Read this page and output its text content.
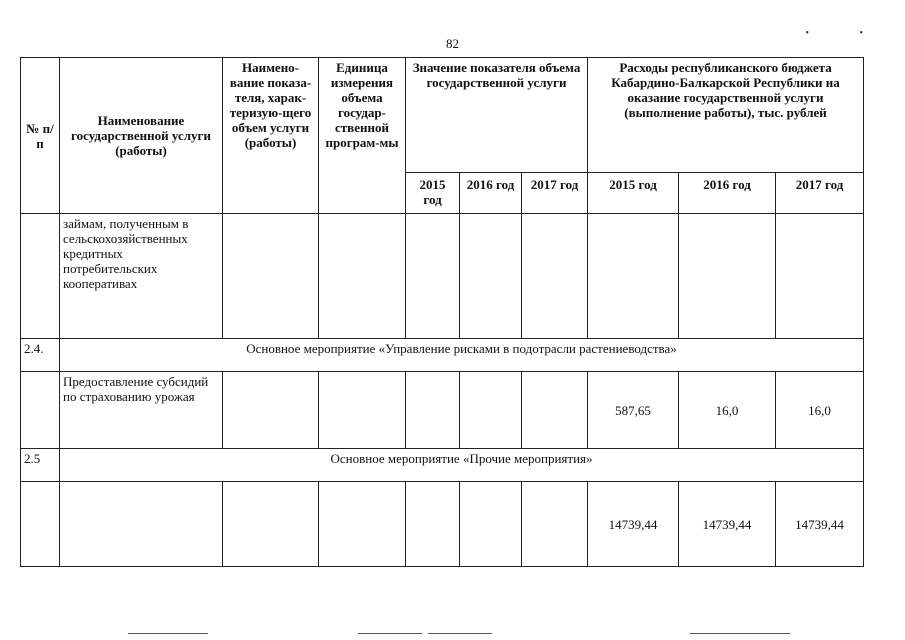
82
• •
№ п/п	Наименование государственной услуги (работы)	Наимено-вание показа-теля, харак-теризую-щего объем услуги (работы)	Единица измерения объема государ-ственной програм-мы	Значение показателя объема государственной услуги			Расходы республиканского бюджета Кабардино-Балкарской Республики на оказание государственной услуги (выполнение работы), тыс. рублей		
				2015 год	2016 год	2017 год	2015 год	2016 год	2017 год
	займам, полученным в сельскохозяйственных кредитных потребительских кооперативах								
2.4.	Основное мероприятие «Управление рисками в подотрасли растениеводства»								
	Предоставление субсидий по страхованию урожая						587,65	16,0	16,0
2.5	Основное мероприятие «Прочие мероприятия»								
							14739,44	14739,44	14739,44
